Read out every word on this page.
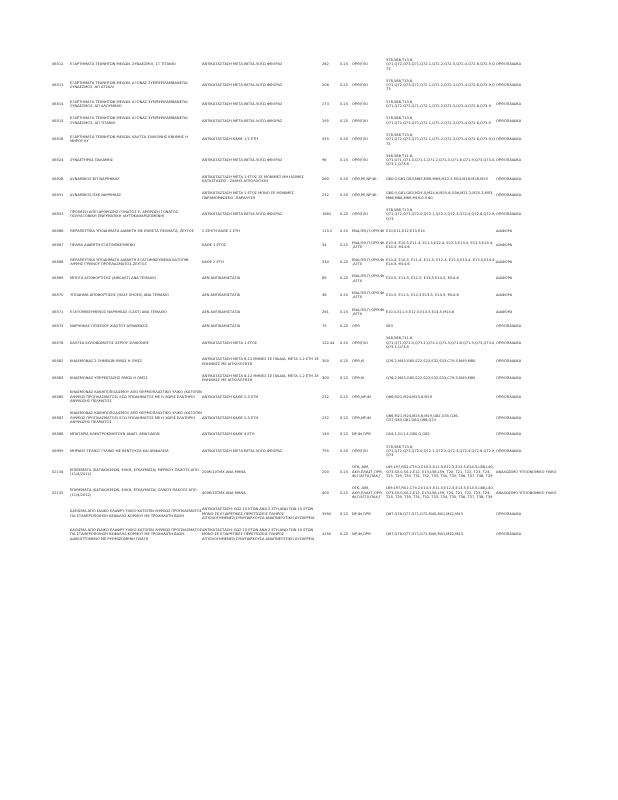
06512	ΕΞΑΡΤΗΜΑΤΑ ΤΕΧΝΗΤΩΝ ΜΕΛΩΝ. ΣΥΝΔΕΣΜΟΙ, ΣΞ ΤΙΤΑΝΙΟ	ΑΝΤΙΚΑΤΑΣΤΑΣΗ ΜΕΤΑ ΒΕΤΙΑ ΛΟΓΩ ΦΘΟΡΑΣ	262	0.25	ΟΡΘ/Γ/ΚΙ	578,588,Τ13,6, Q71,Q72,Q73,Q71,Q72.1,Q72.2,Q72.3,Q72.4,Q72.6,Q72.9,Q73	ΟΡΘΟΠΑΙΔΙΚΑ

06513	ΕΞΑΡΤΗΜΑΤΑ ΤΕΧΝΗΤΩΝ ΜΕΛΩΝ. ΑΞΟΝΑΣ ΣΥΜΠΕΡΙΛΑΜΒΑΝΕΤΑΙ ΣΥΝΔΕΣΜΟΣ, ΑΠ ΑΤΣΑΛΙ	ΑΝΤΙΚΑΤΑΣΤΑΣΗ ΜΕΤΑ ΒΕΤΙΑ ΛΟΓΩ ΦΘΟΡΑΣ	206	0.25	ΟΡΘ/Γ/ΚΙ	578,588,Τ13,6, Q71,Q72,Q73,Q71,Q72.1,Q72.2,Q72.3,Q72.4,Q72.6,Q72.9,Q73	ΟΡΘΟΠΑΙΔΙΚΑ

06514	ΕΞΑΡΤΗΜΑΤΑ ΤΕΧΝΗΤΩΝ ΜΕΛΩΝ. ΑΞΟΝΑΣ ΣΥΜΠΕΡΙΛΑΜΒΑΝΕΤΑΙ ΣΥΝΔΕΣΜΟΣ, ΑΠ ΑΛΟΥΜΙΝΙΟ	ΑΝΤΙΚΑΤΑΣΤΑΣΗ ΜΕΤΑ ΒΕΤΙΑ ΛΟΓΩ ΦΘΟΡΑΣ	273	0.25	ΟΡΘ/Γ/ΚΙ	578,588,Τ13,6, Q71,Q72,Q73,Q71,Q72.1,Q72.2,Q72.3,Q72.4,Q72.6,Q72.9	ΟΡΘΟΠΑΙΔΙΚΑ

06515	ΕΞΑΡΤΗΜΑΤΑ ΤΕΧΝΗΤΩΝ ΜΕΛΩΝ. ΑΞΟΝΑΣ ΣΥΜΠΕΡΙΛΑΜΒΑΝΕΤΑΙ ΣΥΝΔΕΣΜΟΣ, ΑΠ ΤΙΤΑΝΙΟ	ΑΝΤΙΚΑΤΑΣΤΑΣΗ ΜΕΤΑ ΒΕΤΙΑ ΛΟΓΩ ΦΘΟΡΑΣ	295	0.25	ΟΡΘ/Γ/ΚΙ	578,588,Τ13,6, Q71,Q72,Q73,Q71,Q72.1,Q72.2,Q72.3,Q72.4,Q72.6,Q72.9	ΟΡΘΟΠΑΙΔΙΚΑ

06518	ΕΞΑΡΤΗΜΑΤΑ ΤΕΧΝΗΤΩΝ ΜΕΛΩΝ. ΚΑΛΤΣΑ ΣΙΛΙΚΟΝΗΣ ΚΝΗΜΗΣ Η ΜΗΡΟΥ ΚΥ	ΑΝΤΙΚΑΤΑΣΤΑΣΗ ΚΑΘΕ 1,5 ΕΤΗ	555	0.25	ΟΡΘ/Γ/ΚΙ	578,588,Τ13,6, Q71,Q72,Q73,Q71,Q72.1,Q72.2,Q72.3,Q72.4,Q72.6,Q72.9,Q73	ΟΡΘΟΠΑΙΔΙΚΑ

06524	ΣΥΝΔΕΤΗΡΑΣ ΠΑΛΑΜΗΣ	ΑΝΤΙΚΑΤΑΣΤΑΣΗ ΜΕΤΑ ΒΕΤΙΑ ΛΟΓΩ ΦΘΟΡΑΣ	96	0.25	ΟΡΘ/Γ/ΚΙ	548,588,Τ11.6, Q71,Q71,Q71.0,Q71.1,Q71.2,Q71.3,Q71.8,Q71.9,Q73,Q73.0,Q73.1,Q73.8	ΟΡΘΟΠΑΙΔΙΚΑ

06528	ΔΥΝΑΜΙΚΟΣ ΒΙΤ ΝΑΡΘΗΚΑΣ	ΑΝΤΙΚΑΤΑΣΤΑΣΗ ΜΕΤΑ 1 ΕΤΟΣ ΣΕ ΜΟΝΙΜΕΣ ΜΗ ΙΑΣΙΜΕΣ ΚΑΤΑΣΤΑΣΕΙΣ - ΣΑΘΗΣ ΑΙΤΙΟΛΟΓΗΣΗ	260	0.25	ΟΡΘ,ΡΕ,ΝΡ,ΦΙ	G80.0,G81,G83,M65,M06,M89,M12.5,M14,M16,M18,M19	ΟΡΘΟΠΑΙΔΙΚΑ

06551	ΔΥΝΑΜΙΚΟΣ ΠΧΚ ΝΑΡΘΗΚΑΣ	ΑΝΤΙΚΑΤΑΣΤΑΣΗ ΜΕΤΑ 1 ΕΤΟΣ ΜΟΝΟ ΣΕ ΜΟΝΙΜΕΣ ΠΑΡΑΜΟΡΦΩΣΕΙΣ -ΠΑΡΑΛΥΣΗ	232	0.25	ΟΡΘ,ΡΕ,ΝΡ,ΦΙ	G80.0,G81,G83,M24.5,M24.6,M25.6,G56,M21.2,M25.3,M53,M66,M68,M69,M19.0.5 60	ΟΡΘΟΠΑΙΔΙΚΑ

06553	ΠΡΟΘΕΣΗ ΑΠΕΞΑΡΘΡΩΣΗΣ ΓΟΝΑΤΟΣ Ε. ΑΡΘΡΩΣΗ ΓΟΝΑΤΟΣ ΠΟΛΥΑΞΟΝΙΚΗ ΠΝΕΥΜΑΤΙΚΗ (ΑΥΤΟΚΑΘΑΡΙΖΟΜΕΝΗ)	ΑΝΤΙΚΑΤΑΣΤΑΣΗ ΜΕΤΑ ΒΕΤΙΑ ΛΟΓΩ ΦΘΟΡΑΣ	1681	0.25	ΟΡΘ/Γ/ΚΙ	578,588,Τ13,6, Q71,Q72,Q73,Q72.0,Q72.1,Q72.2,Q72.3,Q72.4,Q72.6,Q72.9,Q73	ΟΡΘΟΠΑΙΔΙΚΑ

06566	ΘΕΡΑΠΕΥΤΙΚΑ ΥΠΟΔΗΜΑΤΑ ΔΙΑΒΗΤΗ ΜΕ ΕΝΘΕΤΑ ΠΕΛΜΑΤΑ, ΖΕΥΓΟΣ	2 ΖΕΥΓΗ ΚΑΘΕ 2 ΕΤΗ	115.2	0.25	ΕΝΔ,ΠΘ,ΓΙ,ΟΡΘ,ΦΙ	E10,E11,E12,E13,E14	ΔΙΑΦΟΡΑ

06567	ΠΕΛΜΑ ΔΙΑΒΗΤΗ ΕΞΑΤΟΜΙΚΕΥΜΕΝΟ	ΚΑΘΕ 1 ΕΤΟΣ	34	0.25	ΕΝΔ,ΠΘ,ΓΙ,ΟΡΘ,ΦΙ ,ΑΓΓΧ	E10.4, E10.5,E11.4, E11.5,E12.4, E12.5,E13.4, E13.5,E14.4, E14.5, M14.6	ΔΙΑΦΟΡΑ

06568	ΘΕΡΑΠΕΥΤΙΚΑ ΥΠΟΔΗΜΑΤΑ ΔΙΑΒΗΤΗ ΕΞΑΤΟΜΙΚΕΥΜΕΝΑ ΚΑΤΟΠΙΝ ΛΗΨΗΣ ΓΥΨΙΝΟΥ ΠΡΟΠΛΑΣΜΑΤΟΣ,ΖΕΥΓΟΣ	ΚΑΘΕ 2 ΕΤΗ	330	0.25	ΕΝΔ,ΠΘ,ΓΙ,ΟΡΘ,ΦΙ ,ΑΓΓΧ	E10.4, E10.5, E11.4, E11.5, E12.4, E12.5,E13.4, E13.5,E14.4, E14.5, M14.6	ΔΙΑΦΟΡΑ

06569	ΜΠΟΤΑ ΑΠΟΦΟΡΤΙΣΗΣ (AIRCAST) ΑΝΑ ΤΕΜΑΧΙΟ	ΔΕΝ ΑΝΤΙΚΑΘΙΣΤΑΤΑΙ	89	0.25	ΕΝΔ,ΠΘ,ΓΙ,ΟΡΘ,ΦΙ ,ΑΓΓΧ	E10.5, E11.5, E12.5, E13.5 E14.5, M14.6	ΔΙΑΦΟΡΑ

06570	ΥΠΟΔΗΜΑ ΑΠΟΦΟΡΤΙΣΗΣ (HALF SHOES) ΑΝΑ ΤΕΜΑΧΙΟ	ΔΕΝ ΑΝΤΙΚΑΘΙΣΤΑΤΑΙ	36	0.25	ΕΝΔ,ΠΘ,ΓΙ,ΟΡΘ,ΦΙ ,ΑΓΓΧ	E10.5, E11.5, E12.5,E13.5, E14.5, M14.6	ΔΙΑΦΟΡΑ

06571	ΕΞΑΤΟΜΙΚΕΥΜΕΝΟΣ ΝΑΡΘΗΚΑΣ (CAST) ΑΝΑ ΤΕΜΑΧΙΟ	ΔΕΝ ΑΝΤΙΚΑΘΙΣΤΑΤΑΙ	261	0.25	ΕΝΔ,ΠΘ,ΓΙ,ΟΡΘ,ΦΙ ,ΑΓΓΧ	E10.5,E11.5,E12.5,E13.5,E14.5,M14.6	ΔΙΑΦΟΡΑ

06575	ΝΑΡΘΗΚΑΣ ΟΠΙΣΘΙΟΥ ΧΙΑΣΤΟΥ ΔΥΝΑΜΙΚΟΣ	ΔΕΝ ΑΝΤΙΚΑΘΙΣΤΑΤΑΙ	79	0.25	ΟΡΘ	S83	ΟΡΘΟΠΑΙΔΙΚΑ

06578	ΚΑΛΤΣΑ ΚΟΛΟΒΩΜΑΤΟΣ ΧΕΡΙΟΥ ΣΙΛΙΚΟΝΗΣ	ΑΝΤΙΚΑΤΑΣΤΑΣΗ ΜΕΤΑ 1 ΕΤΟΣ	122.44	0.25	ΟΡΘ/Γ/ΚΙ	548,588,Τ11.6, Q71,Q71,Q71.0,Q71.1,Q71.2,Q71.3,Q71.8,Q71.9,Q73,Q73.0,Q73.1,Q73.8	ΟΡΘΟΠΑΙΔΙΚΑ

06582	ΚΗΔΕΜΟΝΑΣ 2 ΣΗΜΕΙΩΝ ΘΜΩΣ Η ΟΜΣΣ	ΑΝΤΙΚΑΤΑΣΤΑΣΗ ΜΕΤΑ 6-12 ΜΗΝΕΣ ΣΕ ΠΑΙΔΙΑ, ΜΕΤΑ 1-2 ΕΤΗ ΣΕ ΕΝΗΛΙΚΕΣ ΜΕ ΑΙΤΙΟΛΟΓΗΣΗ	300	0.25	ΟΡΘ,ΚΙ	Q76.2,M43,G65,S22,S23,S32,S33,C79.5,M49,M80	ΟΡΘΟΠΑΙΔΙΚΑ

06583	ΚΗΔΕΜΟΝΑΣ ΥΠΕΡΕΚΤΑΣΗΣ ΘΜΩΣ Η ΟΜΣΣ	ΑΝΤΙΚΑΤΑΣΤΑΣΗ ΜΕΤΑ 6-12 ΜΗΝΕΣ ΣΕ ΠΑΙΔΙΑ, ΜΕΤΑ 1-2 ΕΤΗ ΣΕ ΕΝΗΛΙΚΕΣ ΜΕ ΑΙΤΙΟΛΟΓΗΣΗ	300	0.25	ΟΡΘ,ΚΙ	Q76.2,M43,G65,S22,S23,S32,S33,C79.5,M49,M80	ΟΡΘΟΠΑΙΔΙΚΑ

06585	ΚΗΔΕΜΟΝΑΣ ΚΑΚΗΠΟΠΟΔΙΣΜΟΥ ΑΠΟ ΘΕΡΜΟΠΛΑΣΤΙΚΟ ΥΛΙΚΟ (ΚΑΤΟΠΙΝ ΛΗΨΕΩΣ ΠΡΟΠΛΑΣΜΑΤΟΣ) ΕΣΩ ΥΠΟΔΗΜΑΤΟΣ ΜΕ Η ΧΩΡΙΣ ΕΛΑΤΗΡΙΟ ΑΝΥΨΩΣΗΣ ΠΕΛΜΑΤΟΣ	ΑΝΤΙΚΑΤΑΣΤΑΣΗ ΚΑΘΕ 2-3 ΕΤΗ	232	0.25	ΟΡΘ,ΝΡ,ΦΙ	Q66,M21,M24,M25.6,M19	ΟΡΘΟΠΑΙΔΙΚΑ

06587	ΚΗΔΕΜΟΝΑΣ ΚΑΚΗΠΟΠΟΔΙΣΜΟΥ ΑΠΟ ΘΕΡΜΟΠΛΑΣΤΙΚΟ ΥΛΙΚΟ (ΚΑΤΟΠΙΝ ΛΗΨΕΩΣ ΠΡΟΠΛΑΣΜΑΤΟΣ) ΕΞΩ ΥΠΟΔΗΜΑΤΟΣ ΜΕ Η ΧΩΡΙΣ ΕΛΑΤΗΡΙΟ ΑΝΥΨΩΣΗΣ ΠΕΛΜΑΤΟΣ	ΑΝΤΙΚΑΤΑΣΤΑΣΗ ΚΑΘΕ 2-3 ΕΤΗ	232	0.25	ΟΡΘ,ΝΡ,ΦΙ	Q66,M21,M24,M25.6,M19,G82,G35,G36, G37,G80,G81,G83,Q66,Q74	ΟΡΘΟΠΑΙΔΙΚΑ

06588	ΜΠΑΤΑΡΙΑ ΗΛΕΚΤΡΟΚΙΝΗΤΟΥΝ ΑΝΑΠ. ΑΜΑΞΙΔΙΟΝ	ΑΝΤΙΚΑΤΑΣΤΑΣΗ ΚΑΘΕ 4 ΕΤΗ	140	0.25	ΝΡ,ΦΙ,ΟΡΘ	G04.1,G11.4,G80,G,G82	ΟΡΘΟΠΑΙΔΙΚΑ

06999	ΜΗΡΙΑΙΟ ΤΕΛΙΚΟ ΞΥΛΙΝΟ ΜΕ ΒΕΝΤΟΥΖΑ ΚΑΙ ΑΘΦΑΛΕΙΑ	ΑΝΤΙΚΑΤΑΣΤΑΣΗ ΜΕΤΑ ΒΕΤΙΑ ΛΟΓΩ ΦΘΟΡΑΣ	795	0.25	ΟΡΘ/Γ/ΚΙ	578,588,Τ13,6, Q71,Q72,Q73,Q72.0,Q72.1,Q72.2,Q72.3,Q72.4,Q72.6,Q72.9,Q73	ΟΡΘΟΠΑΙΔΙΚΑ

02134	ΕΠΙΘΕΜΑΤΑ (ΚΑΤΑΚΛΙΣΕΩΝ, ΕΛΚΗ, ΕΓΚΑΥΜΑΤΑ) ΜΕΡΙΚΟΥ ΠΑΧΟΥΣ ΑΠΟ (11/4/2012)	200€/10ΤΜΧ ΑΝΑ ΜΗΝΑ	200	0.25	ΟΓΚ, ΑΙΜ, ΑΚΘ,ΠΛΑΣΤ,ΟΡΘ, ΦΙ,Γ/ΑΓΓΧ,ΠΑΧ,Γ	L89,L97,R02,C79.2,E10.5,E11.5,E12.5,E13.5,E14.5,L88,L40,Q73,S0.0,S0.2,E12, E13,L58,L59, T20, T21, T22, T23, T24, T25, T29, T30, T31, T32, T33, T34, T35, T36, T37, T38, T39	ΑΝΑΛΩΣΙΜΟ ΥΓΕΙΟΝΟΜΙΚΟ ΥΛΙΚΟ

02135	ΕΠΙΘΕΜΑΤΑ (ΚΑΤΑΚΛΙΣΕΩΝ, ΕΛΚΗ, ΕΓΚΑΥΜΑΤΑ) ΟΛΙΚΟΥ ΠΑΧΟΥΣ ΑΠΟ (11/4/2012)	400€/10ΤΜΧ ΑΝΑ ΜΗΝΑ	400	0.25	ΟΓΚ, ΑΙΜ, ΑΚΘ,ΠΛΑΣΤ,ΟΡΘ, ΦΙ,Γ/ΑΓΓΧ,ΠΑΧ,Γ	L89,L97,R02,C79.2,E10.5,E11.5,E12.5,E13.5,E14.5,L88,L40,Q73,S0.0,S0.2,E12, E13,L58,L59, T20, T21, T22, T23, T24, T25, T29, T30, T31, T32, T33, T34, T35, T36, T37, T38, T39	ΑΝΑΛΩΣΙΜΟ ΥΓΕΙΟΝΟΜΙΚΟ ΥΛΙΚΟ

	ΚΑΘΙΣΜΑ ΑΠΟ ΕΙΔΙΚΟ ΕΛΑΦΡΥ ΥΛΙΚΟ ΚΑΤΟΠΙΝ ΛΗΨΕΩΣ ΠΡΟΠΛΑΣΜΑΤΟΣ ΓΙΑ ΣΤΑΘΕΡΟΠΟΙΗΣΗ ΚΕΦΑΛΗΣ-ΚΟΡΜΟΥ ΜΕ ΤΡΟΧΗΛΑΤΗ ΒΑΣΗ	ΑΝΤΙΚΑΤΑΣΤΑΣΗ: ΕΩΣ 10 ΕΤΩΝ ΑΝΑ 2 ΕΤΗ,ΑΝΩ ΤΩΝ 10 ΕΤΩΝ ΜΟΝΟ ΣΕ ΕΞΑΙΡΕΤΙΚΕΣ ΠΕΡΙΠΤΩΣΕΙΣ ΠΛΗΡΟΣ ΑΙΤΙΟΛΟΓΗΜΕΝΕΣ(ΣΥΝΥΠΑΡΧΟΥΣΑ ΑΝΑΠΝΕΥΣΤΙΚΗ ΔΥΣΧΕΡΕΙΑ	3950	0.25	ΝΡ,ΦΙ,ΟΡΘ	Q67,Q76,Q77,G71,G72,M40,M41,M42,M43	ΟΡΘΟΠΑΙΔΙΚΑ

	ΚΑΘΙΣΜΑ ΑΠΟ ΕΙΔΙΚΟ ΕΛΑΦΡΥ ΥΛΙΚΟ ΚΑΤΟΠΙΝ ΛΗΨΕΩΣ ΠΡΟΠΛΑΣΜΑΤΟΣ ΓΙΑ ΣΤΑΘΕΡΟΠΟΙΗΣΗ ΚΕΦΑΛΗΣ-ΚΟΡΜΟΥ ΜΕ ΤΡΟΧΗΛΑΤΗ ΒΑΣΗ. ΔΙΑΚΟΠΤΟΜΕΝΟ ΜΕ ΡΥΘΜΙΖΟΜΕΝΗ ΠΛΑΓΗ	ΑΝΤΙΚΑΤΑΣΤΑΣΗ: ΕΩΣ 10 ΕΤΩΝ ΑΝΑ 2 ΕΤΗ,ΑΝΩ ΤΩΝ 10 ΕΤΩΝ ΜΟΝΟ ΣΕ ΕΞΑΙΡΕΤΙΚΕΣ ΠΕΡΙΠΤΩΣΕΙΣ ΠΛΗΡΟΣ ΑΙΤΙΟΛΟΓΗΜΕΝΕΣ(ΣΥΝΥΠΑΡΧΟΥΣΑ ΑΝΑΠΝΕΥΣΤΙΚΗ ΔΥΣΧΕΡΕΙΑ	4150	0.25	ΝΡ,ΦΙ,ΟΡΘ	Q67,Q76,Q77,G71,G72,M40,M41,M42,M43	ΟΡΘΟΠΑΙΔΙΚΑ
